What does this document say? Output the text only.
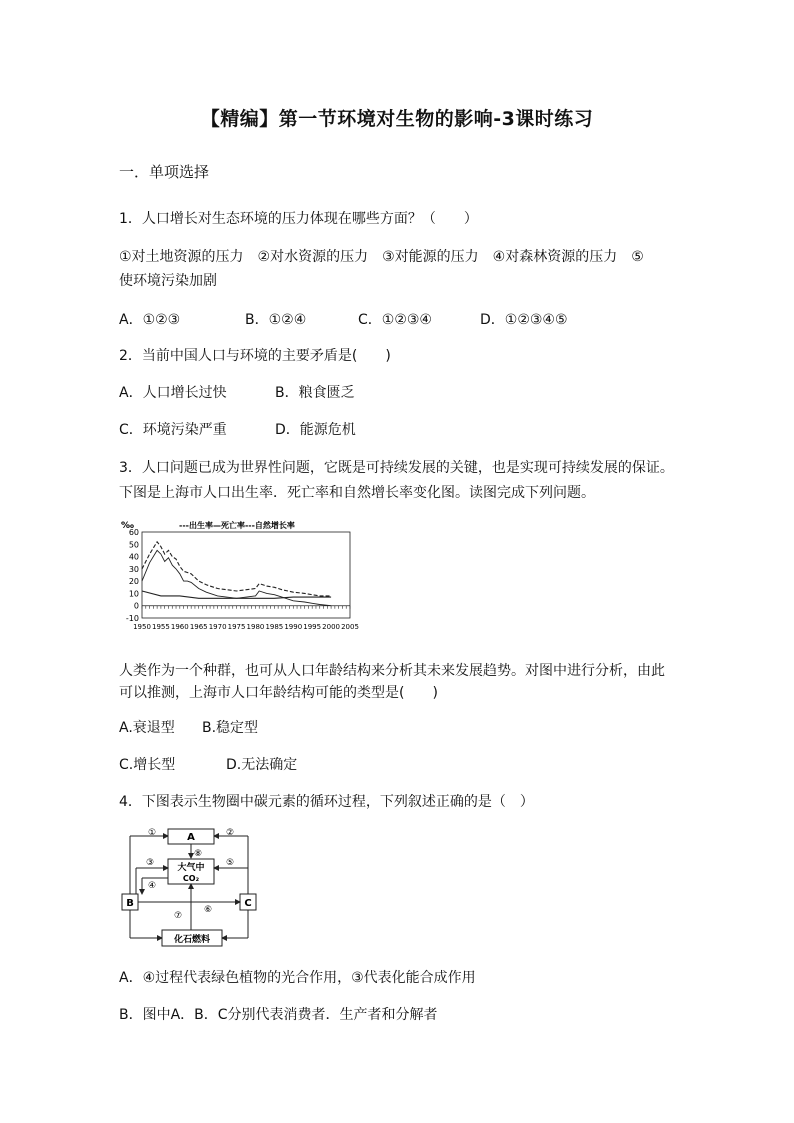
【精编】第一节环境对生物的影响-3课时练习
一．单项选择
1．人口增长对生态环境的压力体现在哪些方面？（　　）
①对土地资源的压力　②对水资源的压力　③对能源的压力　④对森林资源的压力　⑤
使环境污染加剧
A．①②③	B．①②④	C．①②③④	D．①②③④⑤
2．当前中国人口与环境的主要矛盾是(　　)
A．人口增长过快	B．粮食匮乏
C．环境污染严重	D．能源危机
3．人口问题已成为世界性问题，它既是可持续发展的关键，也是实现可持续发展的保证。
下图是上海市人口出生率．死亡率和自然增长率变化图。读图完成下列问题。
‰	---出生率—死亡率---自然增长率
60
50
40
30
20
10
0
-10
1950 1955 1960 1965 1970 1975 1980 1985 1990 1995 2000 2005
人类作为一个种群，也可从人口年龄结构来分析其未来发展趋势。对图中进行分析，由此
可以推测，上海市人口年龄结构可能的类型是(　　)
A.衰退型 B.稳定型
C.增长型	D.无法确定
4．下图表示生物圈中碳元素的循环过程，下列叙述正确的是（　）
A
大气中
CO₂
B	C
化石燃料
①	②
③
④
⑤
⑥
⑦
⑧
A．④过程代表绿色植物的光合作用，③代表化能合成作用
B．图中A．B．C分别代表消费者．生产者和分解者
